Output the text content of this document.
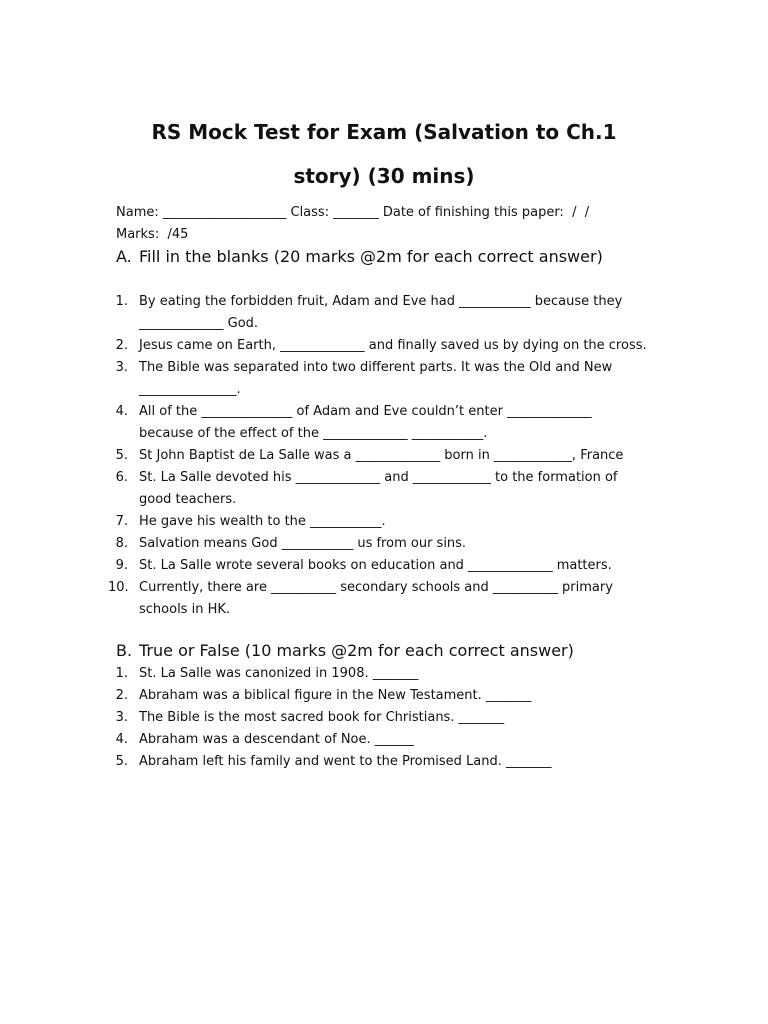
RS Mock Test for Exam (Salvation to Ch.1
story) (30 mins)
Name: ___________________ Class: _______ Date of finishing this paper:  /  /
Marks:  /45
A. Fill in the blanks (20 marks @2m for each correct answer)
1. By eating the forbidden fruit, Adam and Eve had ___________ because they
_____________ God.
2. Jesus came on Earth, _____________ and finally saved us by dying on the cross.
3. The Bible was separated into two different parts. It was the Old and New
_______________.
4. All of the ______________ of Adam and Eve couldn’t enter _____________
because of the effect of the _____________ ___________.
5. St John Baptist de La Salle was a _____________ born in ____________, France
6. St. La Salle devoted his _____________ and ____________ to the formation of
good teachers.
7. He gave his wealth to the ___________.
8. Salvation means God ___________ us from our sins.
9. St. La Salle wrote several books on education and _____________ matters.
10. Currently, there are __________ secondary schools and __________ primary
schools in HK.
B. True or False (10 marks @2m for each correct answer)
1. St. La Salle was canonized in 1908. _______
2. Abraham was a biblical figure in the New Testament. _______
3. The Bible is the most sacred book for Christians. _______
4. Abraham was a descendant of Noe. ______
5. Abraham left his family and went to the Promised Land. _______
